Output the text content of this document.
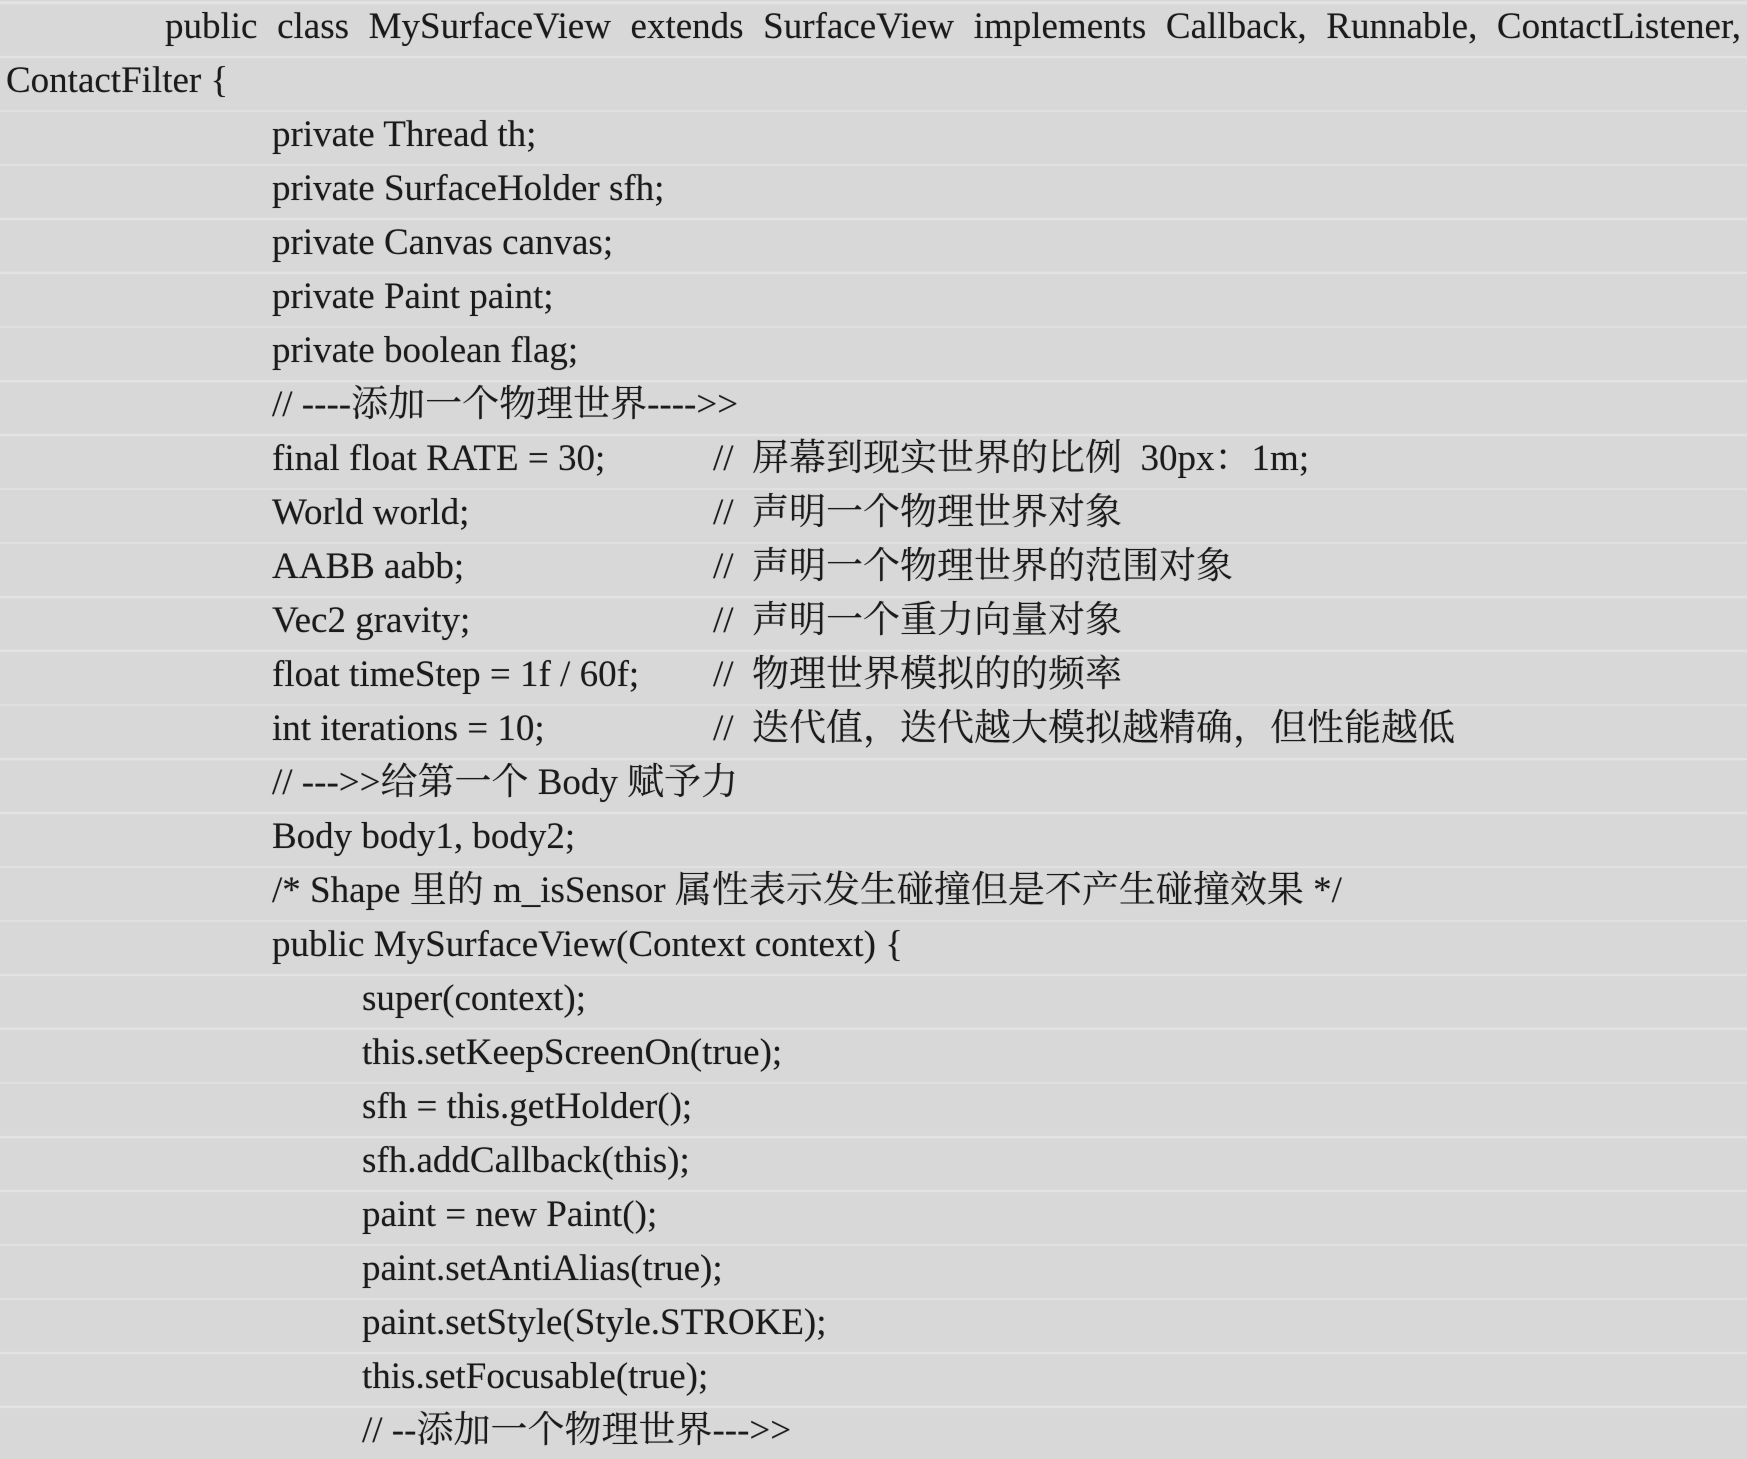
public class MySurfaceView extends SurfaceView implements Callback, Runnable, ContactListener,
ContactFilter {
private Thread th;
private SurfaceHolder sfh;
private Canvas canvas;
private Paint paint;
private boolean flag;
// ----添加一个物理世界---->>
final float RATE = 30;	//  屏幕到现实世界的比例  30px：1m;
World world;	//  声明一个物理世界对象
AABB aabb;	//  声明一个物理世界的范围对象
Vec2 gravity;	//  声明一个重力向量对象
float timeStep = 1f / 60f; //  物理世界模拟的的频率
int iterations = 10;	//  迭代值，迭代越大模拟越精确，但性能越低
// --->>给第一个 Body 赋予力
Body body1, body2;
/* Shape 里的 m_isSensor 属性表示发生碰撞但是不产生碰撞效果 */
public MySurfaceView(Context context) {
super(context);
this.setKeepScreenOn(true);
sfh = this.getHolder();
sfh.addCallback(this);
paint = new Paint();
paint.setAntiAlias(true);
paint.setStyle(Style.STROKE);
this.setFocusable(true);
// --添加一个物理世界--->>
